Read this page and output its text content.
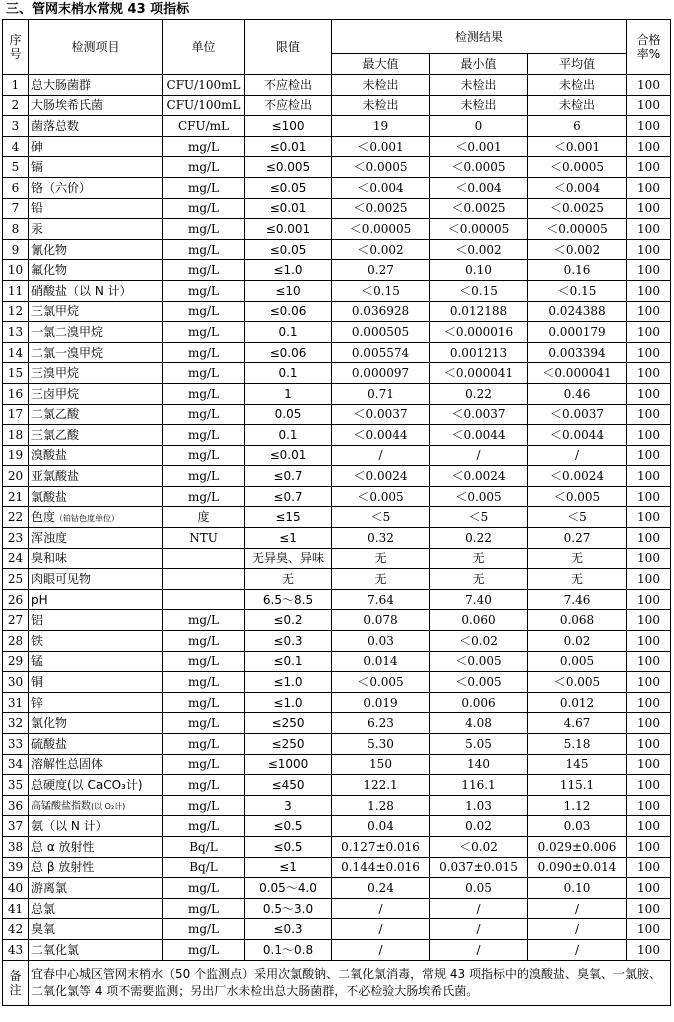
三、管网末梢水常规 43 项指标
序号	检测项目	单位	限值	检测结果			合格率%
				最大值	最小值	平均值	
1	总大肠菌群	CFU/100mL	不应检出	未检出	未检出	未检出	100
2	大肠埃希氏菌	CFU/100mL	不应检出	未检出	未检出	未检出	100
3	菌落总数	CFU/mL	≤100	19	0	6	100
4	砷	mg/L	≤0.01	＜0.001	＜0.001	＜0.001	100
5	镉	mg/L	≤0.005	＜0.0005	＜0.0005	＜0.0005	100
6	铬（六价）	mg/L	≤0.05	＜0.004	＜0.004	＜0.004	100
7	铅	mg/L	≤0.01	＜0.0025	＜0.0025	＜0.0025	100
8	汞	mg/L	≤0.001	＜0.00005	＜0.00005	＜0.00005	100
9	氰化物	mg/L	≤0.05	＜0.002	＜0.002	＜0.002	100
10	氟化物	mg/L	≤1.0	0.27	0.10	0.16	100
11	硝酸盐（以 N 计）	mg/L	≤10	＜0.15	＜0.15	＜0.15	100
12	三氯甲烷	mg/L	≤0.06	0.036928	0.012188	0.024388	100
13	一氯二溴甲烷	mg/L	0.1	0.000505	＜0.000016	0.000179	100
14	二氯一溴甲烷	mg/L	≤0.06	0.005574	0.001213	0.003394	100
15	三溴甲烷	mg/L	0.1	0.000097	＜0.000041	＜0.000041	100
16	三卤甲烷	mg/L	1	0.71	0.22	0.46	100
17	二氯乙酸	mg/L	0.05	＜0.0037	＜0.0037	＜0.0037	100
18	三氯乙酸	mg/L	0.1	＜0.0044	＜0.0044	＜0.0044	100
19	溴酸盐	mg/L	≤0.01	/	/	/	100
20	亚氯酸盐	mg/L	≤0.7	＜0.0024	＜0.0024	＜0.0024	100
21	氯酸盐	mg/L	≤0.7	＜0.005	＜0.005	＜0.005	100
22	色度（铂钴色度单位）	度	≤15	＜5	＜5	＜5	100
23	浑浊度	NTU	≤1	0.32	0.22	0.27	100
24	臭和味		无异臭、异味	无	无	无	100
25	肉眼可见物		无	无	无	无	100
26	pH		6.5～8.5	7.64	7.40	7.46	100
27	铝	mg/L	≤0.2	0.078	0.060	0.068	100
28	铁	mg/L	≤0.3	0.03	＜0.02	0.02	100
29	锰	mg/L	≤0.1	0.014	＜0.005	0.005	100
30	铜	mg/L	≤1.0	＜0.005	＜0.005	＜0.005	100
31	锌	mg/L	≤1.0	0.019	0.006	0.012	100
32	氯化物	mg/L	≤250	6.23	4.08	4.67	100
33	硫酸盐	mg/L	≤250	5.30	5.05	5.18	100
34	溶解性总固体	mg/L	≤1000	150	140	145	100
35	总硬度(以 CaCO₃计)	mg/L	≤450	122.1	116.1	115.1	100
36	高锰酸盐指数(以 O₂计)	mg/L	3	1.28	1.03	1.12	100
37	氨（以 N 计）	mg/L	≤0.5	0.04	0.02	0.03	100
38	总 α 放射性	Bq/L	≤0.5	0.127±0.016	＜0.02	0.029±0.006	100
39	总 β 放射性	Bq/L	≤1	0.144±0.016	0.037±0.015	0.090±0.014	100
40	游离氯	mg/L	0.05～4.0	0.24	0.05	0.10	100
41	总氯	mg/L	0.5～3.0	/	/	/	100
42	臭氧	mg/L	≤0.3	/	/	/	100
43	二氧化氯	mg/L	0.1～0.8	/	/	/	100
备注	宜春中心城区管网末梢水（50 个监测点）采用次氯酸钠、二氧化氯消毒，常规 43 项指标中的溴酸盐、臭氧、一氯胺、二氧化氯等 4 项不需要监测；另出厂水未检出总大肠菌群，不必检验大肠埃希氏菌。						
